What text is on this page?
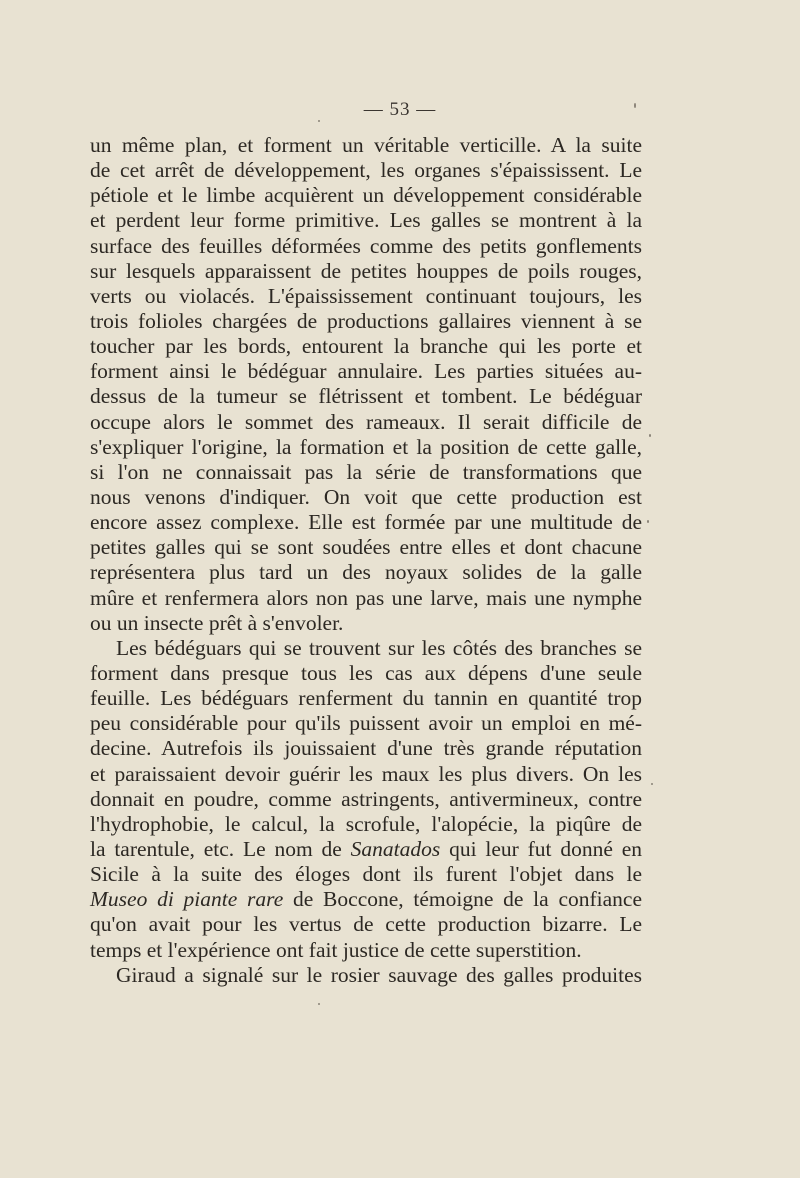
— 53 —
un même plan, et forment un véritable verticille. A la suite
de cet arrêt de développement, les organes s'épaississent. Le
pétiole et le limbe acquièrent un développement considérable
et perdent leur forme primitive. Les galles se montrent à la
surface des feuilles déformées comme des petits gonflements
sur lesquels apparaissent de petites houppes de poils rouges,
verts ou violacés. L'épaississement continuant toujours, les
trois folioles chargées de productions gallaires viennent à se
toucher par les bords, entourent la branche qui les porte et
forment ainsi le bédéguar annulaire. Les parties situées au-
dessus de la tumeur se flétrissent et tombent. Le bédéguar
occupe alors le sommet des rameaux. Il serait difficile de
s'expliquer l'origine, la formation et la position de cette galle,
si l'on ne connaissait pas la série de transformations que
nous venons d'indiquer. On voit que cette production est
encore assez complexe. Elle est formée par une multitude de
petites galles qui se sont soudées entre elles et dont chacune
représentera plus tard un des noyaux solides de la galle
mûre et renfermera alors non pas une larve, mais une nymphe
ou un insecte prêt à s'envoler.
Les bédéguars qui se trouvent sur les côtés des branches se
forment dans presque tous les cas aux dépens d'une seule
feuille. Les bédéguars renferment du tannin en quantité trop
peu considérable pour qu'ils puissent avoir un emploi en mé-
decine. Autrefois ils jouissaient d'une très grande réputation
et paraissaient devoir guérir les maux les plus divers. On les
donnait en poudre, comme astringents, antivermineux, contre
l'hydrophobie, le calcul, la scrofule, l'alopécie, la piqûre de
la tarentule, etc. Le nom de Sanatados qui leur fut donné en
Sicile à la suite des éloges dont ils furent l'objet dans le
Museo di piante rare de Boccone, témoigne de la confiance
qu'on avait pour les vertus de cette production bizarre. Le
temps et l'expérience ont fait justice de cette superstition.
Giraud a signalé sur le rosier sauvage des galles produites
